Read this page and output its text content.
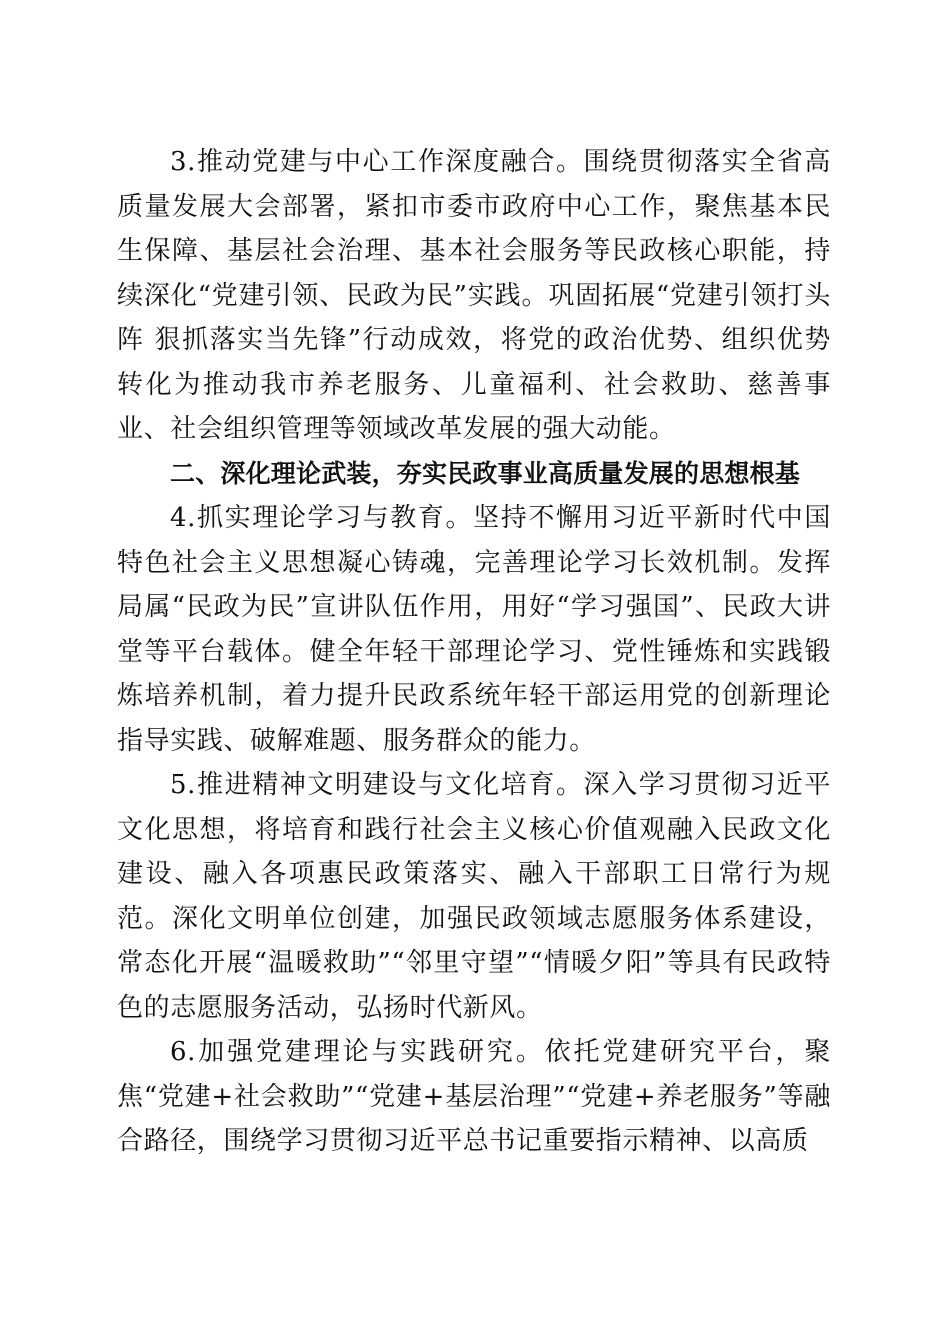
3.推动党建与中心工作深度融合。围绕贯彻落实全省高质量发展大会部署，紧扣市委市政府中心工作，聚焦基本民生保障、基层社会治理、基本社会服务等民政核心职能，持续深化“党建引领、民政为民”实践。巩固拓展“党建引领打头阵 狠抓落实当先锋”行动成效，将党的政治优势、组织优势转化为推动我市养老服务、儿童福利、社会救助、慈善事业、社会组织管理等领域改革发展的强大动能。

二、深化理论武装，夯实民政事业高质量发展的思想根基

4.抓实理论学习与教育。坚持不懈用习近平新时代中国特色社会主义思想凝心铸魂，完善理论学习长效机制。发挥局属“民政为民”宣讲队伍作用，用好“学习强国”、民政大讲堂等平台载体。健全年轻干部理论学习、党性锤炼和实践锻炼培养机制，着力提升民政系统年轻干部运用党的创新理论指导实践、破解难题、服务群众的能力。

5.推进精神文明建设与文化培育。深入学习贯彻习近平文化思想，将培育和践行社会主义核心价值观融入民政文化建设、融入各项惠民政策落实、融入干部职工日常行为规范。深化文明单位创建，加强民政领域志愿服务体系建设，常态化开展“温暖救助”“邻里守望”“情暖夕阳”等具有民政特色的志愿服务活动，弘扬时代新风。

6.加强党建理论与实践研究。依托党建研究平台，聚焦“党建+社会救助”“党建+基层治理”“党建+养老服务”等融合路径，围绕学习贯彻习近平总书记重要指示精神、以高质
